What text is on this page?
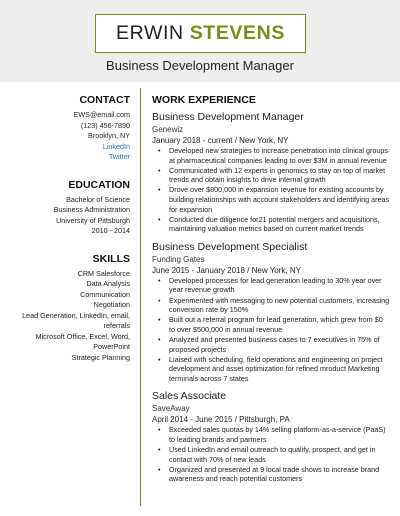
ERWIN STEVENS
Business Development Manager
CONTACT
EWS@email.com
(123) 456-7890
Brooklyn, NY
LinkedIn
Twitter
EDUCATION
Bachelor of Science
Business Administration
University of Pittsburgh
2010 - 2014
SKILLS
CRM Salesforce
Data Analysis
Communication
Negotiation
Lead Generation, LinkedIn, email,
referrals
Microsoft Office, Excel, Word,
PowerPoint
Strategic Planning
WORK EXPERIENCE
Business Development Manager
Genewiz
January 2018 - current / New York, NY
• Developed new strategies to increase penetration into clinical groups at pharmaceutical companies leading to over $3M in annual revenue
• Communicated with 12 experts in genomics to stay on top of market trends and obtain insights to drive internal growth
• Drove over $800,000 in expansion revenue for existing accounts by building relationships with account stakeholders and identifying areas for expansion
• Conducted due diligence for21 potential mergers and acquisitions, maintaining valuation metrics based on current market trends
Business Development Specialist
Funding Gates
June 2015 - January 2018 / New York, NY
• Developed processes for lead generation leading to 30% year over year revenue growth
• Experimented with messaging to new potential customers, increasing conversion rate by 150%
• Built out a referral program for lead generation, which grew from $0 to over $500,000 in annual revenue
• Analyzed and presented business cases to 7 executives in 75% of proposed projects
• Liaised with scheduling, field operations and engineering on project development and asset optimization for refined mroduct Marketing terminals across 7 states
Sales Associate
SaveAway
April 2014 - June 2015 / Pittsburgh, PA
• Exceeded sales quotas by 14% selling platform-as-a-service (PaaS) to leading brands and partners
• Used LinkedIn and email outreach to qualify, prospect, and get in contact with 70% of new leads
• Organized and presented at 9 local trade shows to increase brand awareness and reach potential customers
